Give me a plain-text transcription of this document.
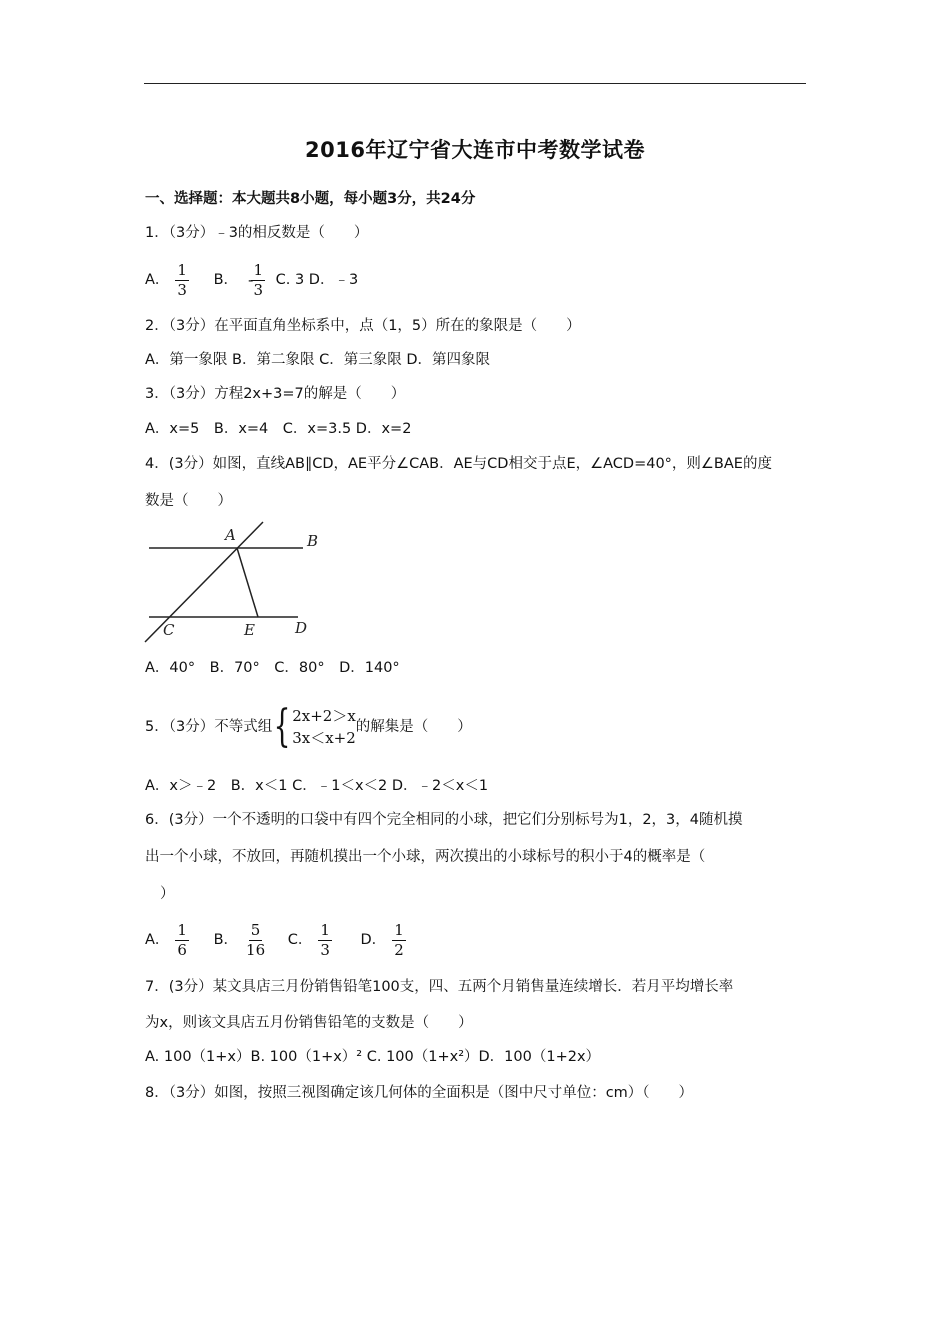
2016年辽宁省大连市中考数学试卷
一、选择题：本大题共8小题，每小题3分，共24分
1．（3分）﹣3的相反数是（　　）
A． $\frac{1}{3}$
B． -
$\frac{1}{3} C$. 3 D．﹣3
2．（3分）在平面直角坐标系中，点（1，5）所在的象限是（　　）
A．第一象限 B．第二象限 C．第三象限 D．第四象限
3．（3分）方程2x+3=7的解是（　　）
A．x=5　B．x=4　C．x=3.5 D．x=2
4．(3分）如图，直线AB∥CD，AE平分∠CAB．AE与CD相交于点E，∠ACD=40°，则∠BAE的度
数是（　　）
A	B
C	E	D
A．40°　B．70°　C．80°　D．140°
5．（3分）不等式组 { 2x+2＞x
3x＜x+2
的解集是（　　）
A．x＞﹣2　B．x＜1 C．﹣1＜x＜2 D．﹣2＜x＜1
6．(3分）一个不透明的口袋中有四个完全相同的小球，把它们分别标号为1，2，3，4随机摸
出一个小球，不放回，再随机摸出一个小球，两次摸出的小球标号的积小于4的概率是（
）
A． $\frac{1}{6}$
B． $\frac{5}{16}$
C． $\frac{1}{3}$
D． $\frac{1}{2}$
7．(3分）某文具店三月份销售铅笔100支，四、五两个月销售量连续增长．若月平均增长率
为x，则该文具店五月份销售铅笔的支数是（　　）
A. 100（1+x）B. 100（1+x）² C. 100（1+x²）D．100（1+2x）
8．（3分）如图，按照三视图确定该几何体的全面积是（图中尺寸单位：cm）（　　）
